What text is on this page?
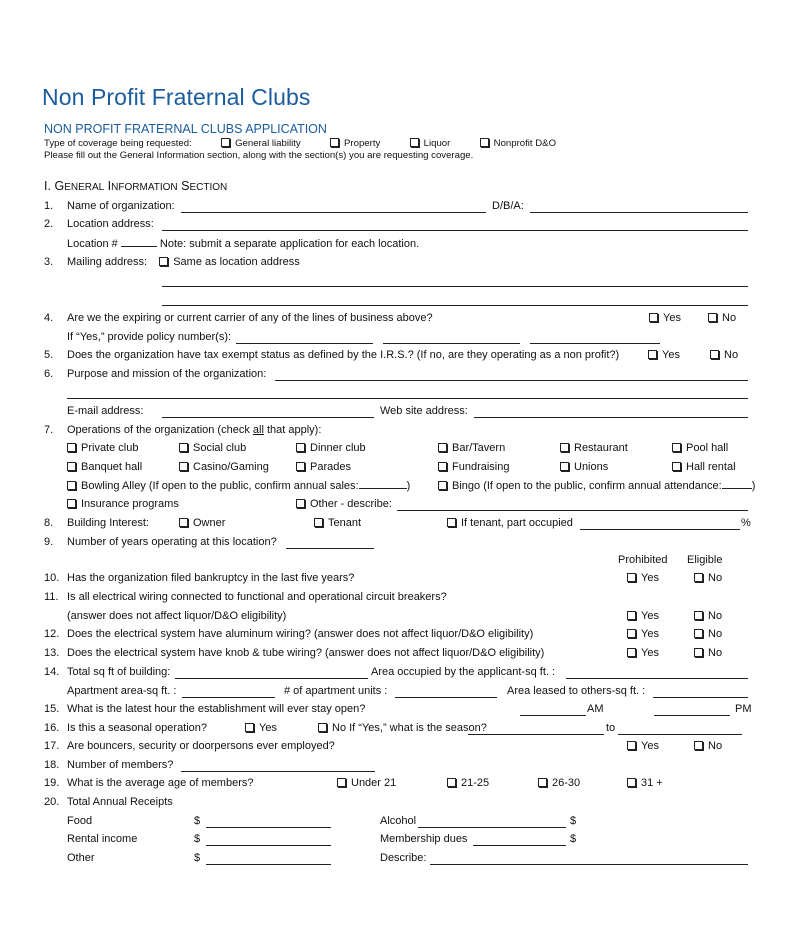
Non Profit Fraternal Clubs
NON PROFIT FRATERNAL CLUBS APPLICATION
Type of coverage being requested:	General liability	Property	Liquor	Nonprofit D&O
Please fill out the General Information section, along with the section(s) you are requesting coverage.
I. GENERAL INFORMATION SECTION
1. Name of organization:	D/B/A:
2. Location address:
Location #	Note: submit a separate application for each location.
3. Mailing address: Same as location address
4. Are we the expiring or current carrier of any of the lines of business above?	Yes	No
If “Yes,” provide policy number(s):
5. Does the organization have tax exempt status as defined by the I.R.S.? (If no, are they operating as a non profit?)	Yes	No
6. Purpose and mission of the organization:
E-mail address:	Web site address:
7. Operations of the organization (check all that apply):
Private club	Social club	Dinner club	Bar/Tavern	Restaurant	Pool hall
Banquet hall	Casino/Gaming	Parades	Fundraising	Unions	Hall rental
Bowling Alley (If open to the public, confirm annual sales:	)	Bingo (If open to the public, confirm annual attendance:	)
Insurance programs	Other - describe:
8. Building Interest:	Owner	Tenant	If tenant, part occupied	%
9. Number of years operating at this location?
Prohibited Eligible
10. Has the organization filed bankruptcy in the last five years?	Yes	No
11. Is all electrical wiring connected to functional and operational circuit breakers?
(answer does not affect liquor/D&O eligibility)	Yes	No
12. Does the electrical system have aluminum wiring? (answer does not affect liquor/D&O eligibility)	Yes	No
13. Does the electrical system have knob & tube wiring? (answer does not affect liquor/D&O eligibility)	Yes	No
14. Total sq ft of building:	Area occupied by the applicant-sq ft. :
Apartment area-sq ft. :	# of apartment units :	Area leased to others-sq ft. :
15. What is the latest hour the establishment will ever stay open?	AM	PM
16. Is this a seasonal operation?	Yes	No If “Yes,” what is the season?	to
17. Are bouncers, security or doorpersons ever employed?	Yes	No
18. Number of members?
19. What is the average age of members?	Under 21	21-25	26-30	31 +
20. Total Annual Receipts
Food	$	Alcohol	$
Rental income	$	Membership dues	$
Other	$	Describe:
